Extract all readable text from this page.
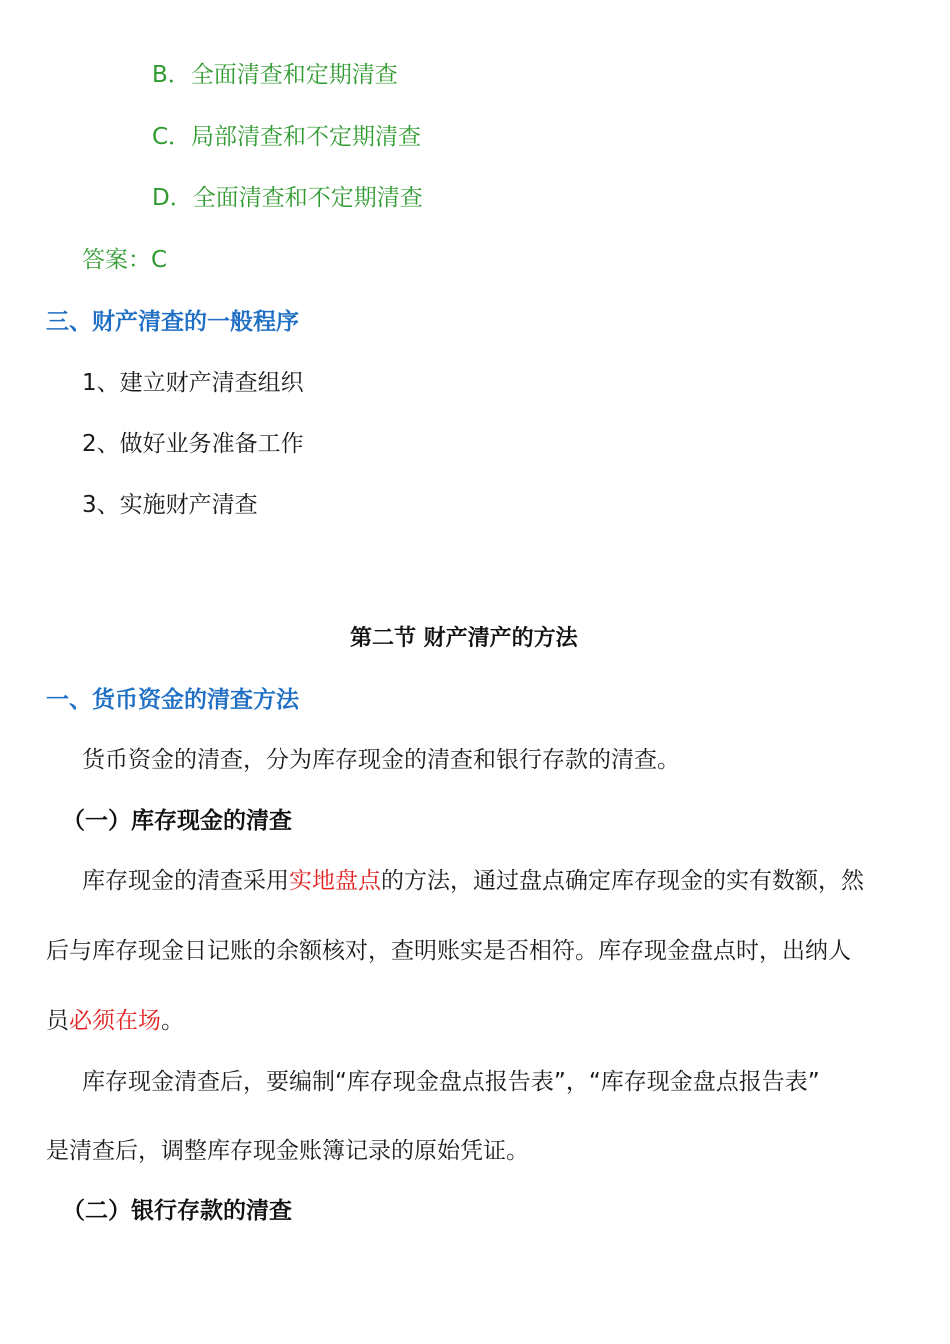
B．全面清查和定期清查
C．局部清查和不定期清查
D．全面清查和不定期清查
答案：C
三、财产清查的一般程序
1、建立财产清查组织
2、做好业务准备工作
3、实施财产清查
第二节 财产清产的方法
一、货币资金的清查方法
货币资金的清查，分为库存现金的清查和银行存款的清查。
（一）库存现金的清查
库存现金的清查采用实地盘点的方法，通过盘点确定库存现金的实有数额，然
后与库存现金日记账的余额核对，查明账实是否相符。库存现金盘点时，出纳人
员必须在场。
库存现金清查后，要编制“库存现金盘点报告表”，“库存现金盘点报告表”
是清查后，调整库存现金账簿记录的原始凭证。
（二）银行存款的清查
